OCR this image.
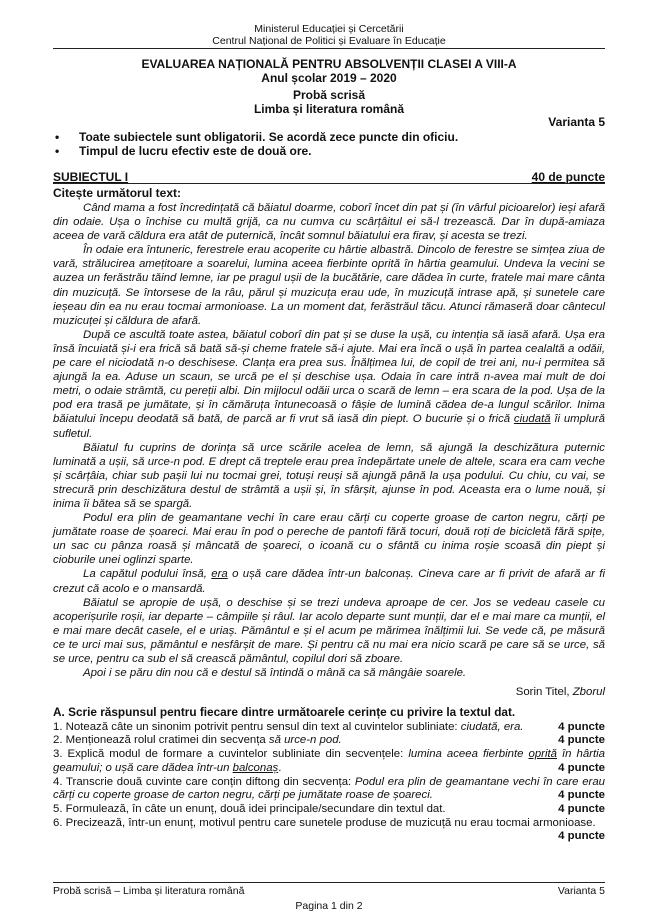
Ministerul Educației și Cercetării
Centrul Național de Politici și Evaluare în Educație
EVALUAREA NAȚIONALĂ PENTRU ABSOLVENȚII CLASEI A VIII-A
Anul școlar 2019 – 2020
Probă scrisă
Limba și literatura română
Varianta 5
• Toate subiectele sunt obligatorii. Se acordă zece puncte din oficiu.
• Timpul de lucru efectiv este de două ore.
SUBIECTUL I	40 de puncte
Citește următorul text:

Când mama a fost încredințată că băiatul doarme, coborî încet din pat și (în vârful picioarelor) ieși afară din odaie. Ușa o închise cu multă grijă, ca nu cumva cu scârțâitul ei să-l trezească. Dar în după-amiaza aceea de vară căldura era atât de puternică, încât somnul băiatului era firav, și acesta se trezi.

În odaie era întuneric, ferestrele erau acoperite cu hârtie albastră. Dincolo de ferestre se simțea ziua de vară, strălucirea amețitoare a soarelui, lumina aceea fierbinte oprită în hârtia geamului. Undeva la vecini se auzea un ferăstrău tăind lemne, iar pe pragul ușii de la bucătărie, care dădea în curte, fratele mai mare cânta din muzicuță. Se întorsese de la râu, părul și muzicuța erau ude, în muzicuță intrase apă, și sunetele care ieșeau din ea nu erau tocmai armonioase. La un moment dat, ferăstrăul tăcu. Atunci rămaseră doar cântecul muzicuței și căldura de afară.

După ce ascultă toate astea, băiatul coborî din pat și se duse la ușă, cu intenția să iasă afară. Ușa era însă încuiată și-i era frică să bată să-și cheme fratele să-i ajute. Mai era încă o ușă în partea cealaltă a odăii, pe care el niciodată n-o deschisese. Clanța era prea sus. Înălțimea lui, de copil de trei ani, nu-i permitea să ajungă la ea. Aduse un scaun, se urcă pe el și deschise ușa. Odaia în care intră n-avea mai mult de doi metri, o odaie strâmtă, cu pereții albi. Din mijlocul odăii urca o scară de lemn – era scara de la pod. Ușa de la pod era trasă pe jumătate, și în cămăruța întunecoasă o fâșie de lumină cădea de-a lungul scărilor. Inima băiatului începu deodată să bată, de parcă ar fi vrut să iasă din piept. O bucurie și o frică ciudată îi umplură sufletul.

Băiatul fu cuprins de dorința să urce scările acelea de lemn, să ajungă la deschizătura puternic luminată a ușii, să urce-n pod. E drept că treptele erau prea îndepărtate unele de altele, scara era cam veche și scârțâia, chiar sub pașii lui nu tocmai grei, totuși reuși să ajungă până la ușa podului. Cu chiu, cu vai, se strecură prin deschizătura destul de strâmtă a ușii și, în sfârșit, ajunse în pod. Aceasta era o lume nouă, și inima îi bătea să se spargă.

Podul era plin de geamantane vechi în care erau cărți cu coperte groase de carton negru, cărți pe jumătate roase de șoareci. Mai erau în pod o pereche de pantofi fără tocuri, două roți de bicicletă fără spițe, un sac cu pânza roasă și mâncată de șoareci, o icoană cu o sfântă cu inima roșie scoasă din piept și cioburile unei oglinzi sparte.

La capătul podului însă, era o ușă care dădea într-un balconaș. Cineva care ar fi privit de afară ar fi crezut că acolo e o mansardă.

Băiatul se apropie de ușă, o deschise și se trezi undeva aproape de cer. Jos se vedeau casele cu acoperișurile roșii, iar departe – câmpiile și râul. Iar acolo departe sunt munții, dar el e mai mare ca munții, el e mai mare decât casele, el e uriaș. Pământul e și el acum pe mărimea înălțimii lui. Se vede că, pe măsură ce te urci mai sus, pământul e nesfârșit de mare. Și pentru că nu mai era nicio scară pe care să se urce, să se urce, pentru ca sub el să crească pământul, copilul dori să zboare.

Apoi i se păru din nou că e destul să întindă o mână ca să mângâie soarele.

Sorin Titel, Zborul
A. Scrie răspunsul pentru fiecare dintre următoarele cerințe cu privire la textul dat.
4 puncte
1. Notează câte un sinonim potrivit pentru sensul din text al cuvintelor subliniate: ciudată, era.
4 puncte
2. Menționează rolul cratimei din secvența să urce-n pod.
3. Explică modul de formare a cuvintelor subliniate din secvențele: lumina aceea fierbinte oprită în hârtia geamului; o ușă care dădea într-un balconaș.	4 puncte
4. Transcrie două cuvinte care conțin diftong din secvența: Podul era plin de geamantane vechi în care erau cărți cu coperte groase de carton negru, cărți pe jumătate roase de șoareci.	4 puncte
4 puncte
5. Formulează, în câte un enunț, două idei principale/secundare din textul dat.
6. Precizează, într-un enunț, motivul pentru care sunetele produse de muzicuță nu erau tocmai armonioase.
4 puncte
Probă scrisă – Limba și literatura română	Varianta 5
Pagina 1 din 2
